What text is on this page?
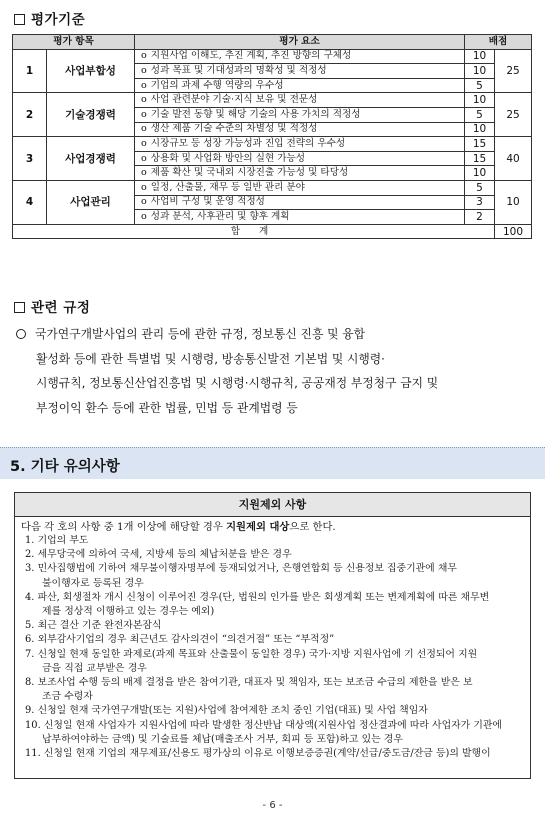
평가기준
평가 항목		평가 요소	배점	
1	사업부합성	o 지원사업 이해도, 추진 계획, 추진 방향의 구체성	10	25
		o 성과 목표 및 기대성과의 명확성 및 적정성	10	
		o 기업의 과제 수행 역량의 우수성	5	
2	기술경쟁력	o 사업 관련분야 기술·지식 보유 및 전문성	10	25
		o 기술 발전 동향 및 해당 기술의 사용 가치의 적정성	5	
		o 생산 제품 기술 수준의 차별성 및 적정성	10	
3	사업경쟁력	o 시장규모 등 성장 가능성과 진입 전략의 우수성	15	40
		o 상용화 및 사업화 방안의 실현 가능성	15	
		o 제품 확산 및 국내외 시장진출 가능성 및 타당성	10	
4	사업관리	o 일정, 산출물, 재무 등 일반 관리 분야	5	10
		o 사업비 구성 및 운영 적정성	3	
		o 성과 분석, 사후관리 및 향후 계획	2	
합 계				100
관련 규정
국가연구개발사업의 관리 등에 관한 규정, 정보통신 진흥 및 융합
활성화 등에 관한 특별법 및 시행령, 방송통신발전 기본법 및 시행령·
시행규칙, 정보통신산업진흥법 및 시행령·시행규칙, 공공재정 부정청구 금지 및
부정이익 환수 등에 관한 법률, 민법 등 관계법령 등
5. 기타 유의사항
지원제외 사항
다음 각 호의 사항 중 1개 이상에 해당할 경우 지원제외 대상으로 한다.
1. 기업의 부도
2. 세무당국에 의하여 국세, 지방세 등의 체납처분을 받은 경우
3. 민사집행법에 기하여 채무불이행자명부에 등재되었거나, 은행연합회 등 신용정보 집중기관에 채무
불이행자로 등록된 경우
4. 파산, 회생절차 개시 신청이 이루어진 경우(단, 법원의 인가를 받은 회생계획 또는 변제계획에 따른 채무변
제를 정상적 이행하고 있는 경우는 예외)
5. 최근 결산 기준 완전자본잠식
6. 외부감사기업의 경우 최근년도 감사의견이 “의견거절” 또는 “부적정”
7. 신청일 현재 동일한 과제로(과제 목표와 산출물이 동일한 경우) 국가·지방 지원사업에 기 선정되어 지원
금을 직접 교부받은 경우
8. 보조사업 수행 등의 배제 결정을 받은 참여기관, 대표자 및 책임자, 또는 보조금 수급의 제한을 받은 보
조금 수령자
9. 신청일 현재 국가연구개발(또는 지원)사업에 참여제한 조치 중인 기업(대표) 및 사업 책임자
10. 신청일 현재 사업자가 지원사업에 따라 발생한 정산반납 대상액(지원사업 정산결과에 따라 사업자가 기관에
납부하여야하는 금액) 및 기술료를 체납(매출조사 거부, 회피 등 포함)하고 있는 경우
11. 신청일 현재 기업의 재무제표/신용도 평가상의 이유로 이행보증증권(계약/선급/중도금/잔금 등)의 발행이
- 6 -
